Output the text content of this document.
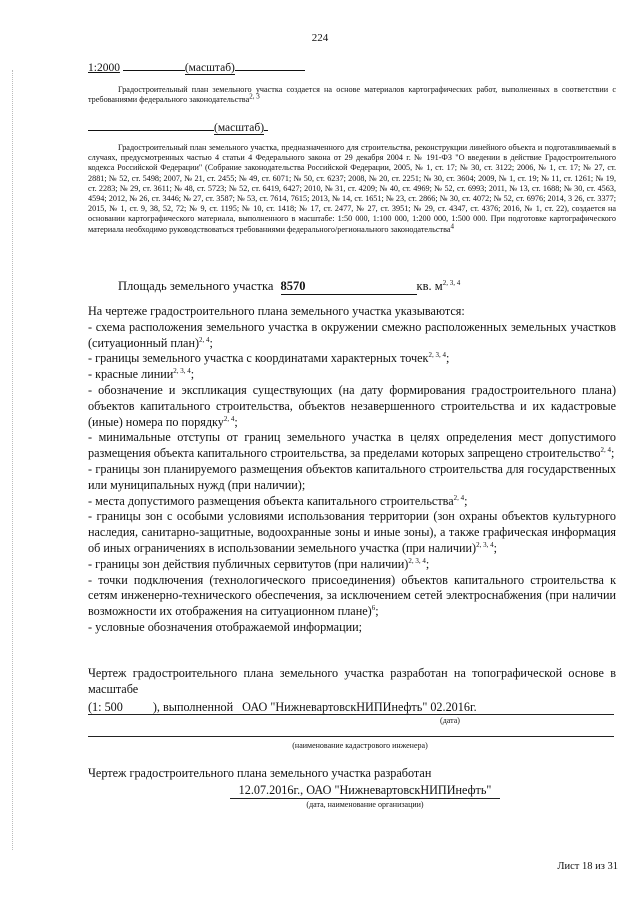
224
1:2000	(масштаб)
Градостроительный план земельного участка создается на основе материалов картографических работ, выполненных в соответствии с требованиями федерального законодательства$^{2, 3}$
(масштаб)
Градостроительный план земельного участка, предназначенного для строительства, реконструкции линейного объекта и подготавливаемый в случаях, предусмотренных частью 4 статьи 4 Федерального закона от 29 декабря 2004 г. № 191-ФЗ "О введении в действие Градостроительного кодекса Российской Федерации" (Собрание законодательства Российской Федерации, 2005, № 1, ст. 17; № 30, ст. 3122; 2006, № 1, ст. 17; № 27, ст. 2881; № 52, ст. 5498; 2007, № 21, ст. 2455; № 49, ст. 6071; № 50, ст. 6237; 2008, № 20, ст. 2251; № 30, ст. 3604; 2009, № 1, ст. 19; № 11, ст. 1261; № 19, ст. 2283; № 29, ст. 3611; № 48, ст. 5723; № 52, ст. 6419, 6427; 2010, № 31, ст. 4209; № 40, ст. 4969; № 52, ст. 6993; 2011, № 13, ст. 1688; № 30, ст. 4563, 4594; 2012, № 26, ст. 3446; № 27, ст. 3587; № 53, ст. 7614, 7615; 2013, № 14, ст. 1651; № 23, ст. 2866; № 30, ст. 4072; № 52, ст. 6976; 2014, 3 26, ст. 3377; 2015, № 1, ст. 9, 38, 52, 72; № 9, ст. 1195; № 10, ст. 1418; № 17, ст. 2477, № 27, ст. 3951; № 29, ст. 4347, ст. 4376; 2016, № 1, ст. 22), создается на основании картографического материала, выполненного в масштабе: 1:50 000, 1:100 000, 1:200 000, 1:500 000. При подготовке картографического материала необходимо руководствоваться требованиями федерального/регионального законодательства$^4$
Площадь земельного участка 8570	кв. $м^{2, 3, 4}$

На чертеже градостроительного плана земельного участка указываются:

- схема расположения земельного участка в окружении смежно расположенных земельных участков (ситуационный план)$^{2, 4}$;

- границы земельного участка с координатами характерных точек$^{2, 3, 4}$;

- красные линии$^{2, 3, 4}$;

- обозначение и экспликация существующих (на дату формирования градостроительного плана) объектов капитального строительства, объектов незавершенного строительства и их кадастровые (иные) номера по порядку$^{2, 4}$;

- минимальные отступы от границ земельного участка в целях определения мест допустимого размещения объекта капитального строительства, за пределами которых запрещено строительство$^{2, 4}$;

- границы зон планируемого размещения объектов капитального строительства для государственных или муниципальных нужд (при наличии);

- места допустимого размещения объекта капитального строительства$^{2, 4}$;

- границы зон с особыми условиями использования территории (зон охраны объектов культурного наследия, санитарно-защитные, водоохранные зоны и иные зоны), а также графическая информация об иных ограничениях в использовании земельного участка (при наличии)$^{2, 3, 4}$;

- границы зон действия публичных сервитутов (при наличии)$^{2, 3, 4}$;

- точки подключения (технологического присоединения) объектов капитального строительства к сетям инженерно-технического обеспечения, за исключением сетей электроснабжения (при наличии возможности их отображения на ситуационном плане)$^6$;

- условные обозначения отображаемой информации;

Чертеж градостроительного плана земельного участка разработан на топографической основе в масштабе

(1: 500 ), выполненной ОАО "НижневартовскНИПИнефть" 02.2016г.
(дата)
(наименование кадастрового инженера)
Чертеж градостроительного плана земельного участка разработан
12.07.2016г., ОАО "НижневартовскНИПИнефть"
(дата, наименование организации)
Лист 18 из 31
